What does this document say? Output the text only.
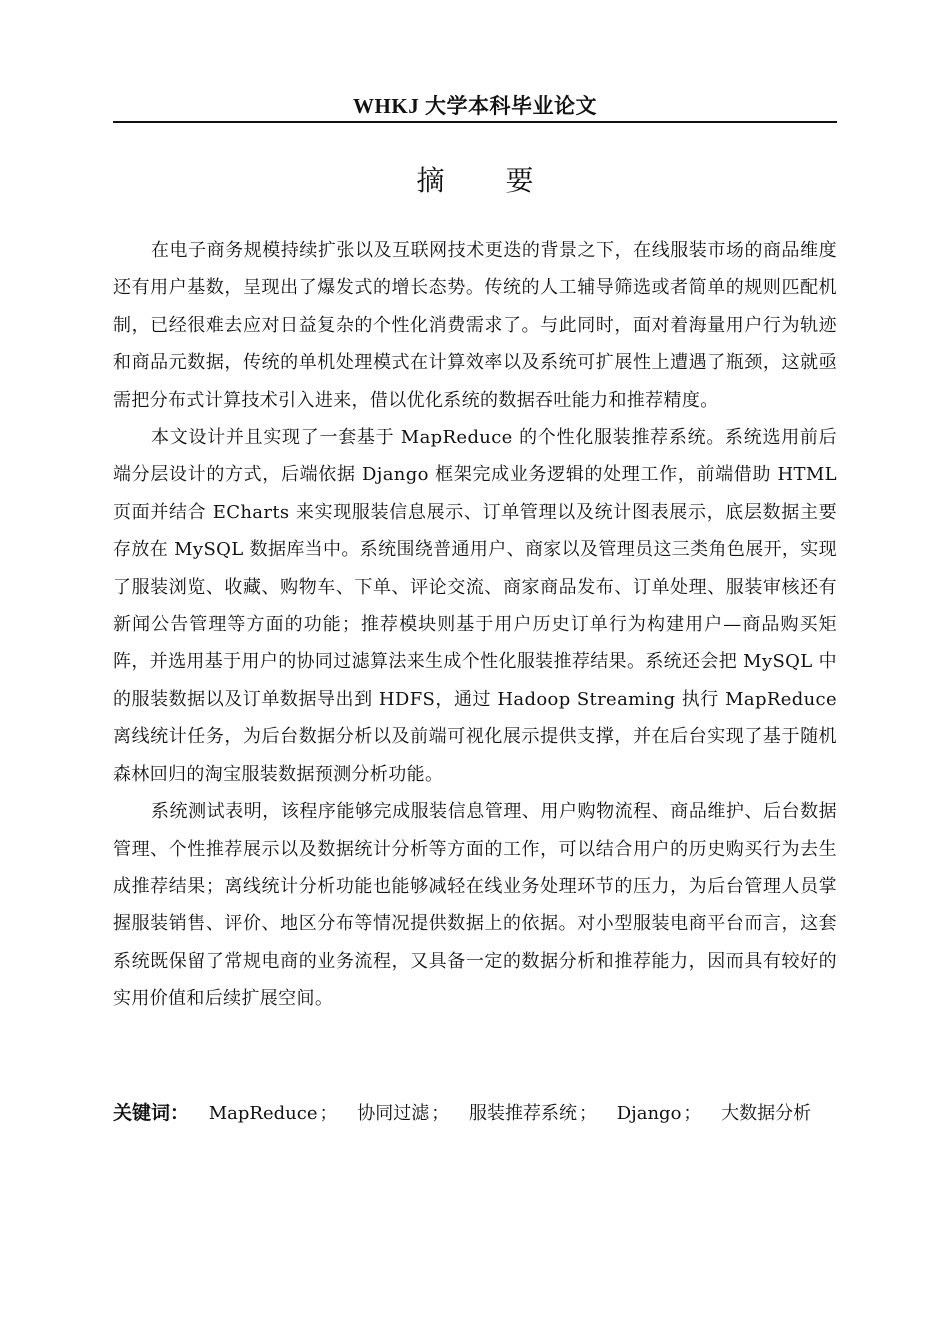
WHKJ 大学本科毕业论文
摘 要

在电子商务规模持续扩张以及互联网技术更迭的背景之下，在线服装市场的商品维度还有用户基数，呈现出了爆发式的增长态势。传统的人工辅导筛选或者简单的规则匹配机制，已经很难去应对日益复杂的个性化消费需求了。与此同时，面对着海量用户行为轨迹和商品元数据，传统的单机处理模式在计算效率以及系统可扩展性上遭遇了瓶颈，这就亟需把分布式计算技术引入进来，借以优化系统的数据吞吐能力和推荐精度。

本文设计并且实现了一套基于 MapReduce 的个性化服装推荐系统。系统选用前后端分层设计的方式，后端依据 Django 框架完成业务逻辑的处理工作，前端借助 HTML 页面并结合 ECharts 来实现服装信息展示、订单管理以及统计图表展示，底层数据主要存放在 MySQL 数据库当中。系统围绕普通用户、商家以及管理员这三类角色展开，实现了服装浏览、收藏、购物车、下单、评论交流、商家商品发布、订单处理、服装审核还有新闻公告管理等方面的功能；推荐模块则基于用户历史订单行为构建用户—商品购买矩阵，并选用基于用户的协同过滤算法来生成个性化服装推荐结果。系统还会把 MySQL 中的服装数据以及订单数据导出到 HDFS，通过 Hadoop Streaming 执行 MapReduce 离线统计任务，为后台数据分析以及前端可视化展示提供支撑，并在后台实现了基于随机森林回归的淘宝服装数据预测分析功能。

系统测试表明，该程序能够完成服装信息管理、用户购物流程、商品维护、后台数据管理、个性推荐展示以及数据统计分析等方面的工作，可以结合用户的历史购买行为去生成推荐结果；离线统计分析功能也能够减轻在线业务处理环节的压力，为后台管理人员掌握服装销售、评价、地区分布等情况提供数据上的依据。对小型服装电商平台而言，这套系统既保留了常规电商的业务流程，又具备一定的数据分析和推荐能力，因而具有较好的实用价值和后续扩展空间。

关键词： MapReduce ； 协同过滤 ； 服装推荐系统 ； Django ； 大数据分析
